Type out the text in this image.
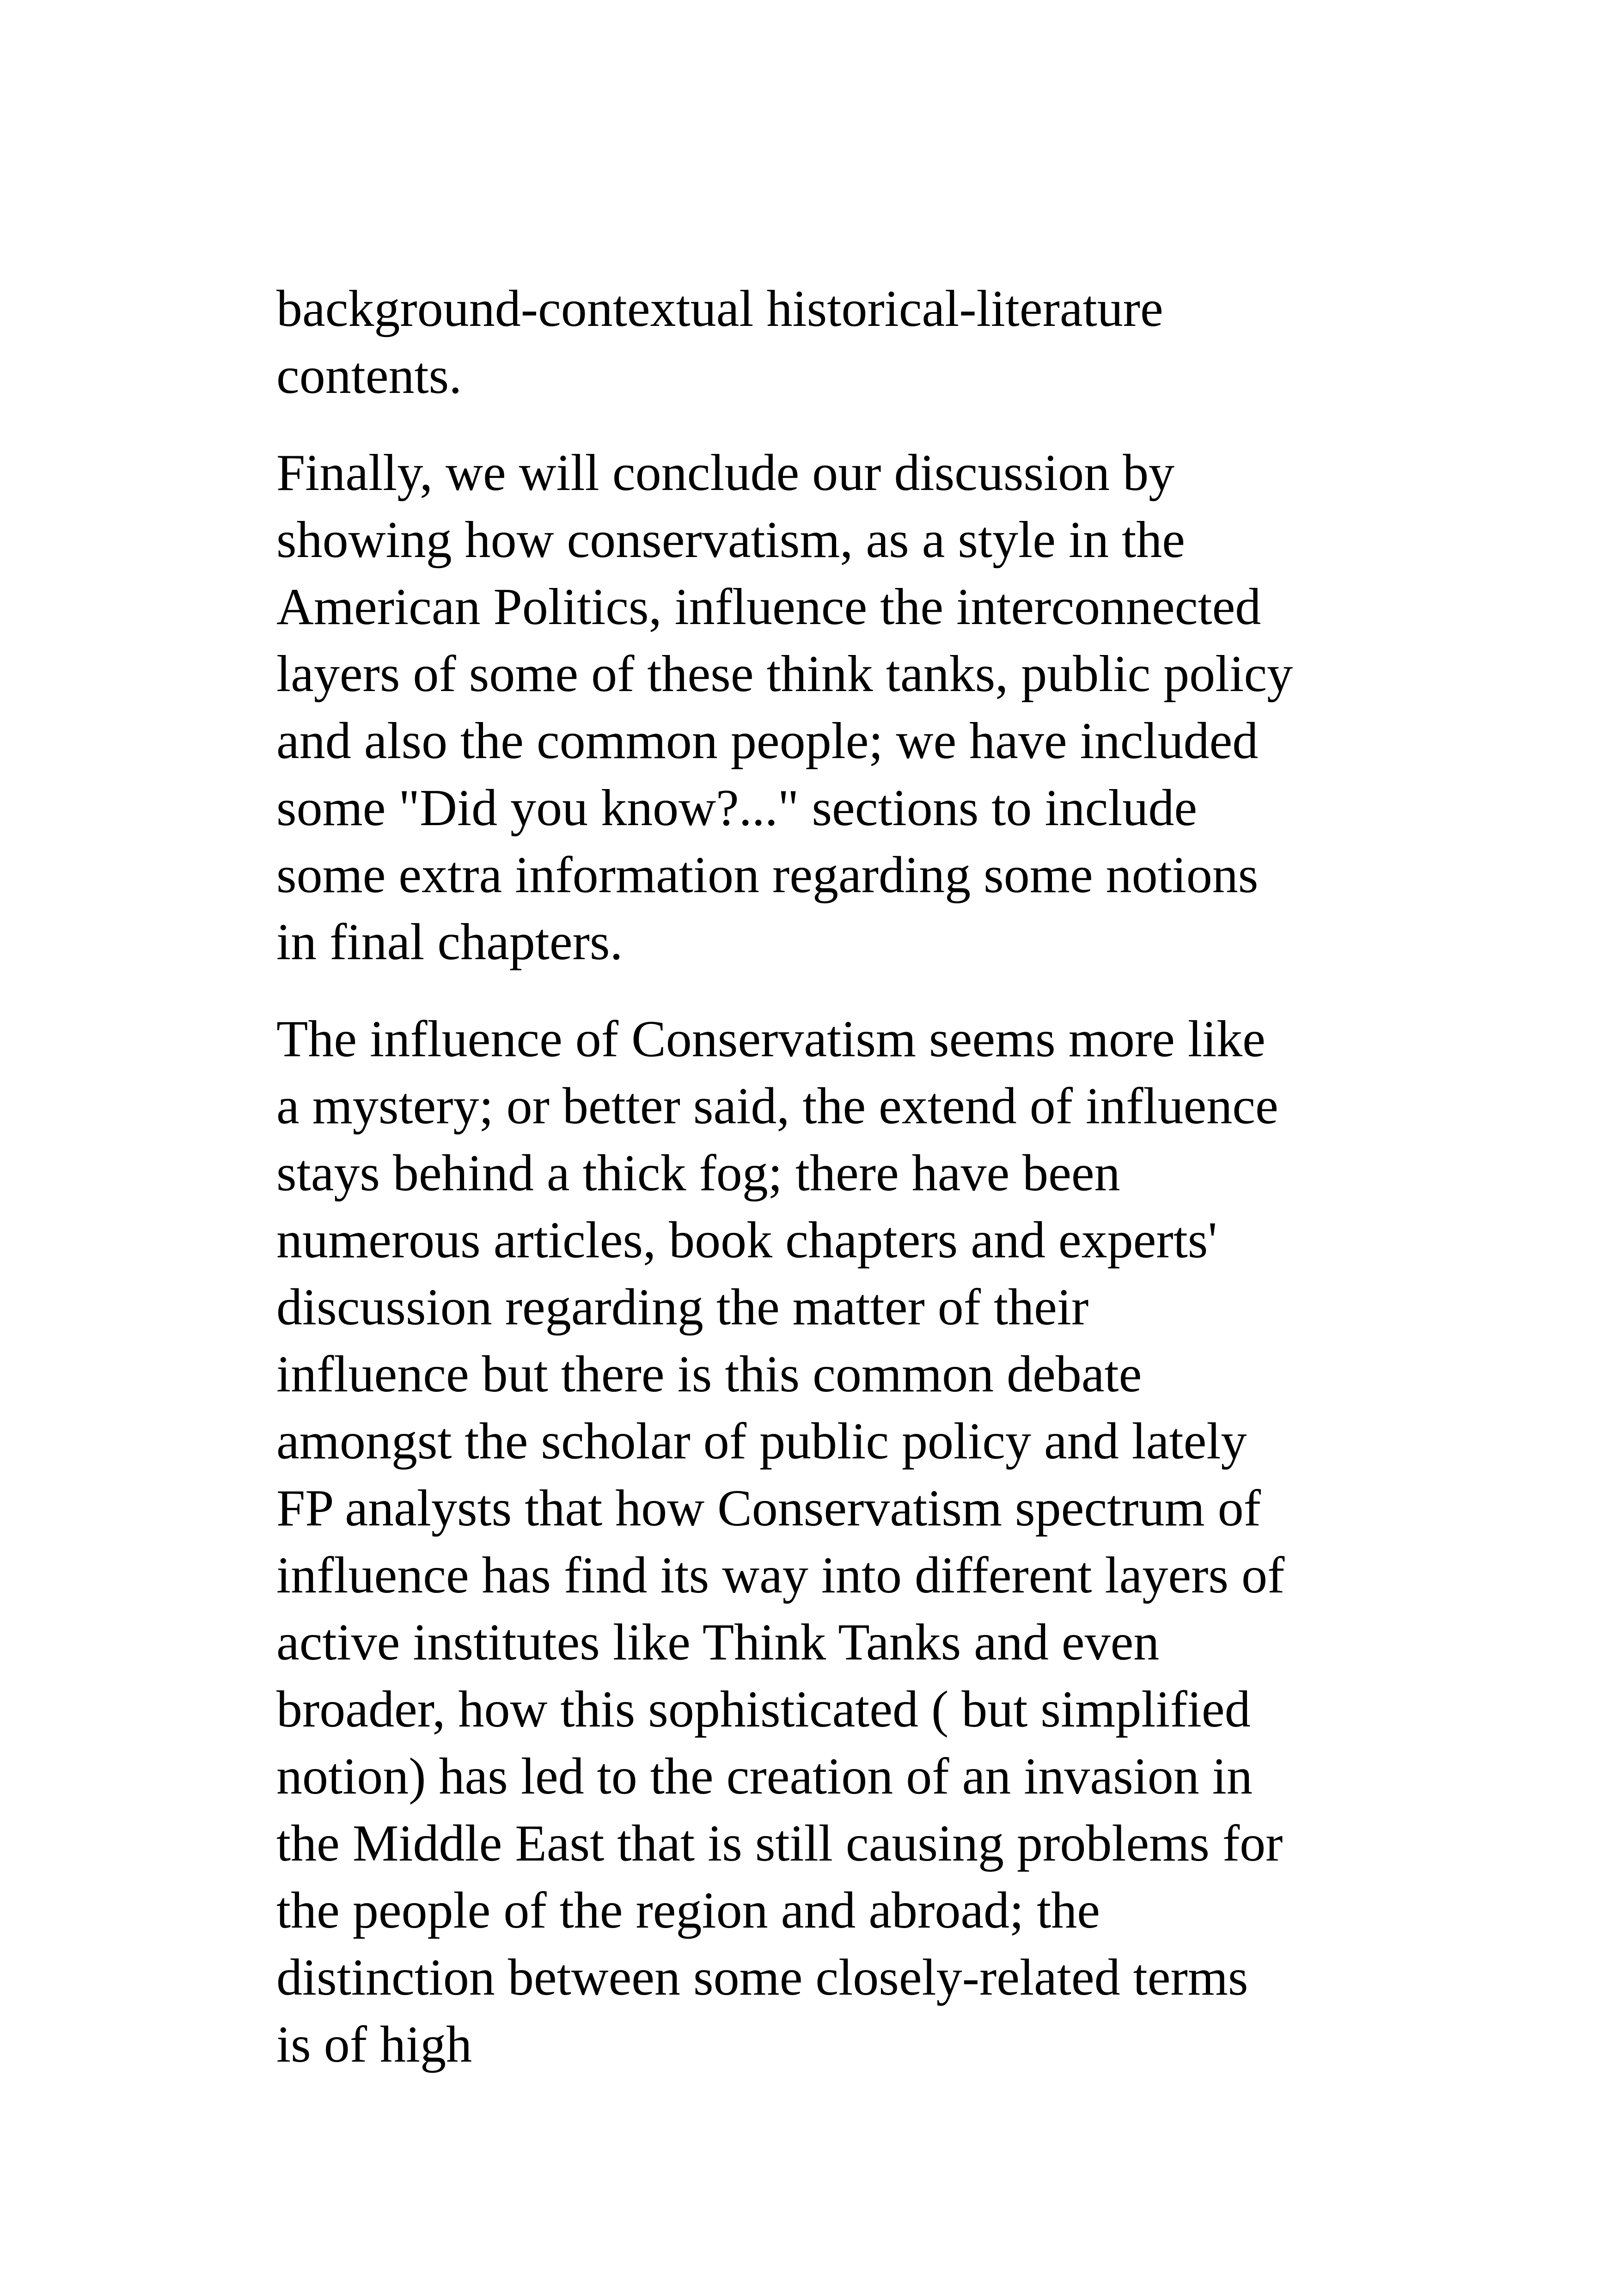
background-contextual historical-literature
contents.

Finally, we will conclude our discussion by
showing how conservatism, as a style in the
American Politics, influence the interconnected
layers of some of these think tanks, public policy
and also the common people; we have included
some "Did you know?..." sections to include
some extra information regarding some notions
in final chapters.

The influence of Conservatism seems more like
a mystery; or better said, the extend of influence
stays behind a thick fog; there have been
numerous articles, book chapters and experts'
discussion regarding the matter of their
influence but there is this common debate
amongst the scholar of public policy and lately
FP analysts that how Conservatism spectrum of
influence has find its way into different layers of
active institutes like Think Tanks and even
broader, how this sophisticated ( but simplified
notion) has led to the creation of an invasion in
the Middle East that is still causing problems for
the people of the region and abroad; the
distinction between some closely-related terms
is of high
